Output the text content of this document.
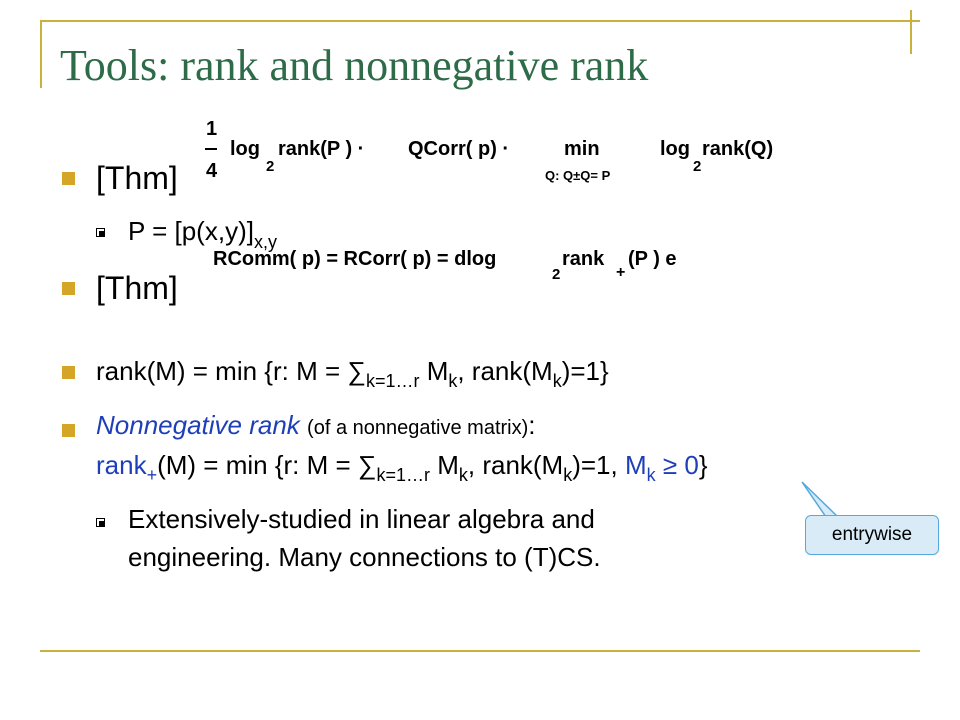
Tools: rank and nonnegative rank
1
4
log
2
rank(P ) · QCorr( p) ·	min
Q: Q±Q= P
log
2
rank(Q)
RComm( p) = RCorr( p) = dlog
2
rank
+
(P ) e
[Thm]
$P = [p(x,y)]_{x,y}$
[Thm]
rank(M) = min {r: $M = \sum_{k=1\dots r}$ $M_k$, $rank(M_k)=1$}
Nonnegative rank (of a nonnegative matrix):
rank$_+$(M) = min {r: $M = \sum_{k=1\dots r}$ $M_k$, $rank(M_k)=1$, $M_k \ge 0$}
Extensively-studied in linear algebra and
engineering. Many connections to (T)CS.
entrywise
